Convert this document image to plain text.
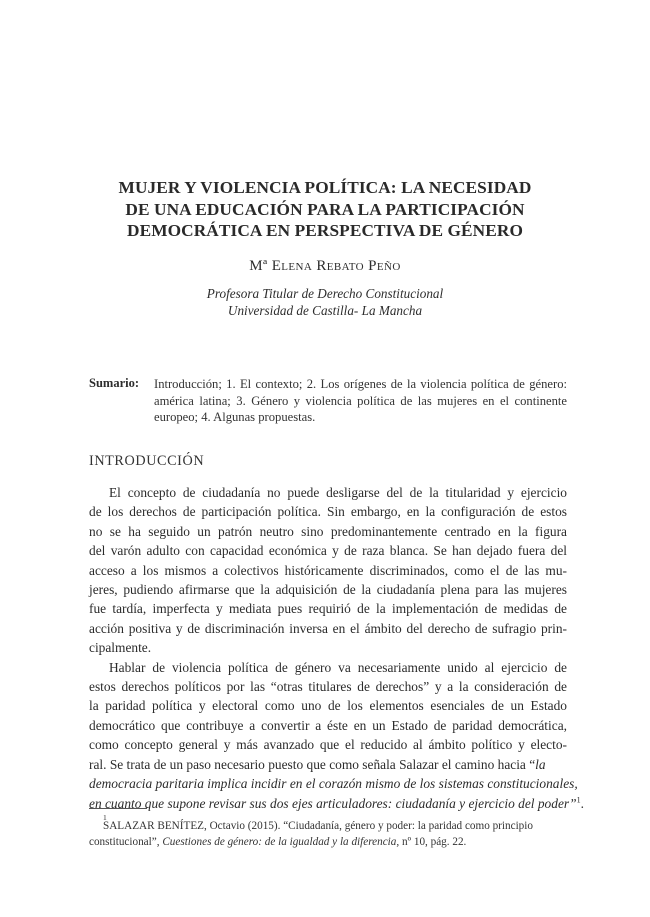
MUJER Y VIOLENCIA POLÍTICA: LA NECESIDAD
DE UNA EDUCACIÓN PARA LA PARTICIPACIÓN
DEMOCRÁTICA EN PERSPECTIVA DE GÉNERO
Mª Elena Rebato Peño
Profesora Titular de Derecho Constitucional
Universidad de Castilla- La Mancha
Sumario: Introducción; 1. El contexto; 2. Los orígenes de la violencia política de género:
américa latina; 3. Género y violencia política de las mujeres en el continente
europeo; 4. Algunas propuestas.
INTRODUCCIÓN
El concepto de ciudadanía no puede desligarse del de la titularidad y ejercicio
de los derechos de participación política. Sin embargo, en la configuración de estos
no se ha seguido un patrón neutro sino predominantemente centrado en la figura
del varón adulto con capacidad económica y de raza blanca. Se han dejado fuera del
acceso a los mismos a colectivos históricamente discriminados, como el de las mu-
jeres, pudiendo afirmarse que la adquisición de la ciudadanía plena para las mujeres
fue tardía, imperfecta y mediata pues requirió de la implementación de medidas de
acción positiva y de discriminación inversa en el ámbito del derecho de sufragio prin-
cipalmente.
Hablar de violencia política de género va necesariamente unido al ejercicio de
estos derechos políticos por las “otras titulares de derechos” y a la consideración de
la paridad política y electoral como uno de los elementos esenciales de un Estado
democrático que contribuye a convertir a éste en un Estado de paridad democrática,
como concepto general y más avanzado que el reducido al ámbito político y electo-
ral. Se trata de un paso necesario puesto que como señala Salazar el camino hacia “la
democracia paritaria implica incidir en el corazón mismo de los sistemas constitucionales,
en cuanto que supone revisar sus dos ejes articuladores: ciudadanía y ejercicio del poder”$^1$.
1
SALAZAR BENÍTEZ, Octavio (2015). “Ciudadanía, género y poder: la paridad como principio
constitucional”, Cuestiones de género: de la igualdad y la diferencia, nº 10, pág. 22.
